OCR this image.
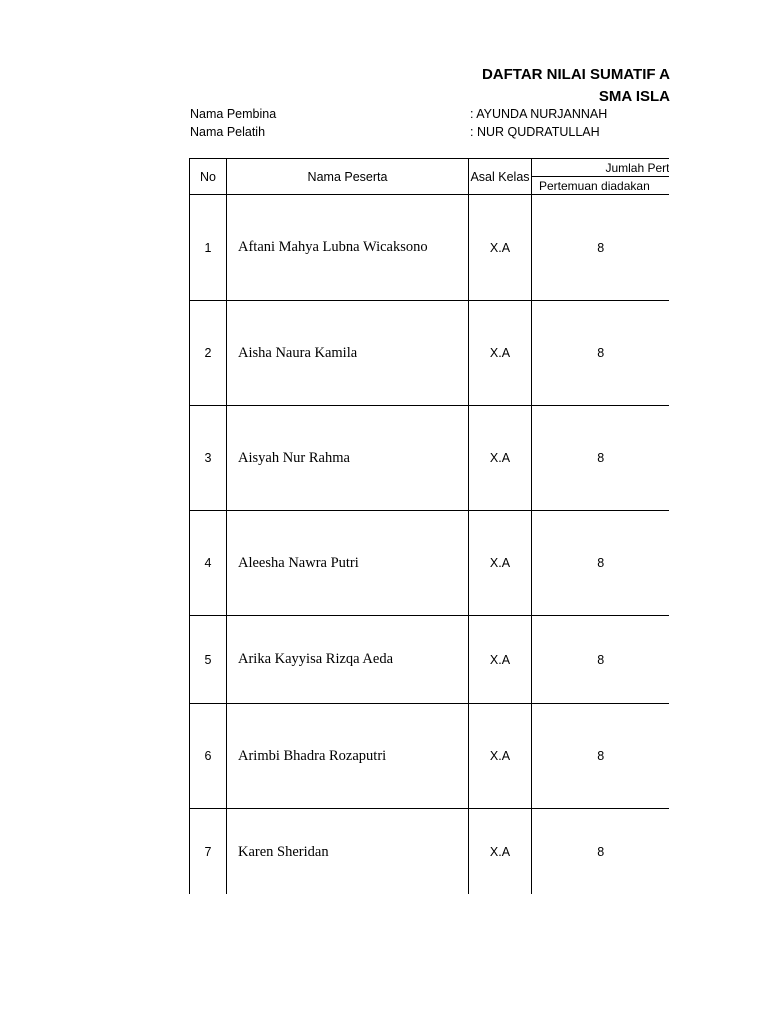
DAFTAR NILAI SUMATIF A
SMA ISLA
Nama Pembina	: AYUNDA NURJANNAH
Nama Pelatih	: NUR QUDRATULLAH
No	Nama Peserta	Asal Kelas	Jumlah Pert
			Pertemuan diadakan
1	Aftani Mahya Lubna Wicaksono	X.A	8
2	Aisha Naura Kamila	X.A	8
3	Aisyah Nur Rahma	X.A	8
4	Aleesha Nawra Putri	X.A	8
5	Arika Kayyisa Rizqa Aeda	X.A	8
6	Arimbi Bhadra Rozaputri	X.A	8
7	Karen Sheridan	X.A	8
